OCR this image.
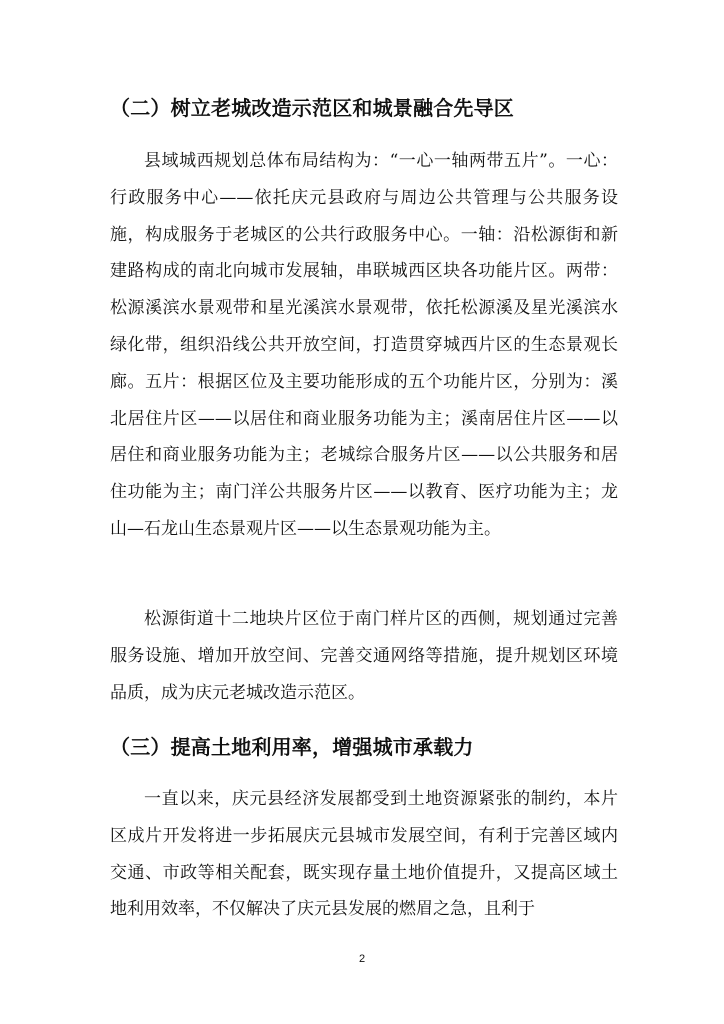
（二）树立老城改造示范区和城景融合先导区

县域城西规划总体布局结构为：“一心一轴两带五片”。一心：行政服务中心——依托庆元县政府与周边公共管理与公共服务设施，构成服务于老城区的公共行政服务中心。一轴：沿松源街和新建路构成的南北向城市发展轴，串联城西区块各功能片区。两带：松源溪滨水景观带和星光溪滨水景观带，依托松源溪及星光溪滨水绿化带，组织沿线公共开放空间，打造贯穿城西片区的生态景观长廊。五片：根据区位及主要功能形成的五个功能片区，分别为：溪北居住片区——以居住和商业服务功能为主；溪南居住片区——以居住和商业服务功能为主；老城综合服务片区——以公共服务和居住功能为主；南门洋公共服务片区——以教育、医疗功能为主；龙山—石龙山生态景观片区——以生态景观功能为主。

松源街道十二地块片区位于南门样片区的西侧，规划通过完善服务设施、增加开放空间、完善交通网络等措施，提升规划区环境品质，成为庆元老城改造示范区。

（三）提高土地利用率，增强城市承载力

一直以来，庆元县经济发展都受到土地资源紧张的制约，本片区成片开发将进一步拓展庆元县城市发展空间，有利于完善区域内交通、市政等相关配套，既实现存量土地价值提升，又提高区域土地利用效率，不仅解决了庆元县发展的燃眉之急，且利于

2
